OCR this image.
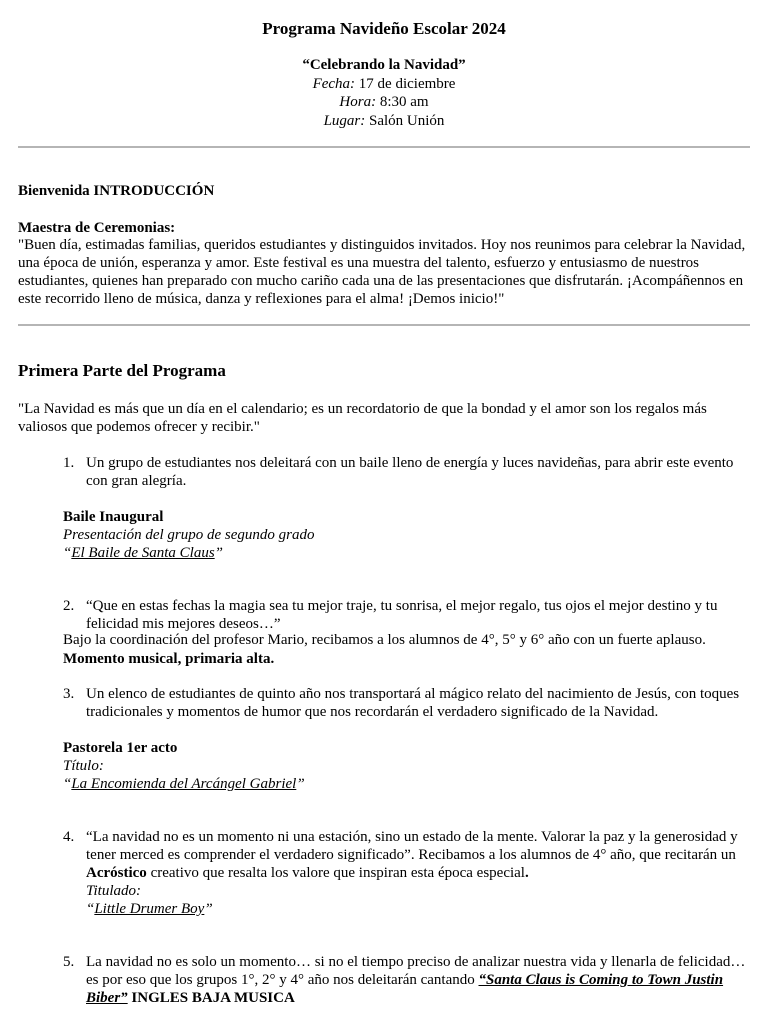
Programa Navideño Escolar 2024
“Celebrando la Navidad”
Fecha: 17 de diciembre
Hora: 8:30 am
Lugar: Salón Unión
Bienvenida INTRODUCCIÓN
Maestra de Ceremonias:
"Buen día, estimadas familias, queridos estudiantes y distinguidos invitados. Hoy nos reunimos para celebrar la Navidad, una época de unión, esperanza y amor. Este festival es una muestra del talento, esfuerzo y entusiasmo de nuestros estudiantes, quienes han preparado con mucho cariño cada una de las presentaciones que disfrutarán. ¡Acompáñennos en este recorrido lleno de música, danza y reflexiones para el alma! ¡Demos inicio!"
Primera Parte del Programa
"La Navidad es más que un día en el calendario; es un recordatorio de que la bondad y el amor son los regalos más valiosos que podemos ofrecer y recibir."
1. Un grupo de estudiantes nos deleitará con un baile lleno de energía y luces navideñas, para abrir este evento con gran alegría.
Baile Inaugural
Presentación del grupo de segundo grado
“El Baile de Santa Claus”
2. “Que en estas fechas la magia sea tu mejor traje, tu sonrisa, el mejor regalo, tus ojos el mejor destino y tu felicidad mis mejores deseos…”
Bajo la coordinación del profesor Mario, recibamos a los alumnos de 4°, 5° y 6° año con un fuerte aplauso.
Momento musical, primaria alta.
3. Un elenco de estudiantes de quinto año nos transportará al mágico relato del nacimiento de Jesús, con toques tradicionales y momentos de humor que nos recordarán el verdadero significado de la Navidad.
Pastorela 1er acto
Título:
“La Encomienda del Arcángel Gabriel”
4. “La navidad no es un momento ni una estación, sino un estado de la mente. Valorar la paz y la generosidad y tener merced es comprender el verdadero significado”. Recibamos a los alumnos de 4° año, que recitarán un Acróstico creativo que resalta los valore que inspiran esta época especial.
Titulado:
“Little Drumer Boy”
5. La navidad no es solo un momento… si no el tiempo preciso de analizar nuestra vida y llenarla de felicidad… es por eso que los grupos 1°, 2° y 4° año nos deleitarán cantando “Santa Claus is Coming to Town Justin Biber” INGLES BAJA MUSICA
